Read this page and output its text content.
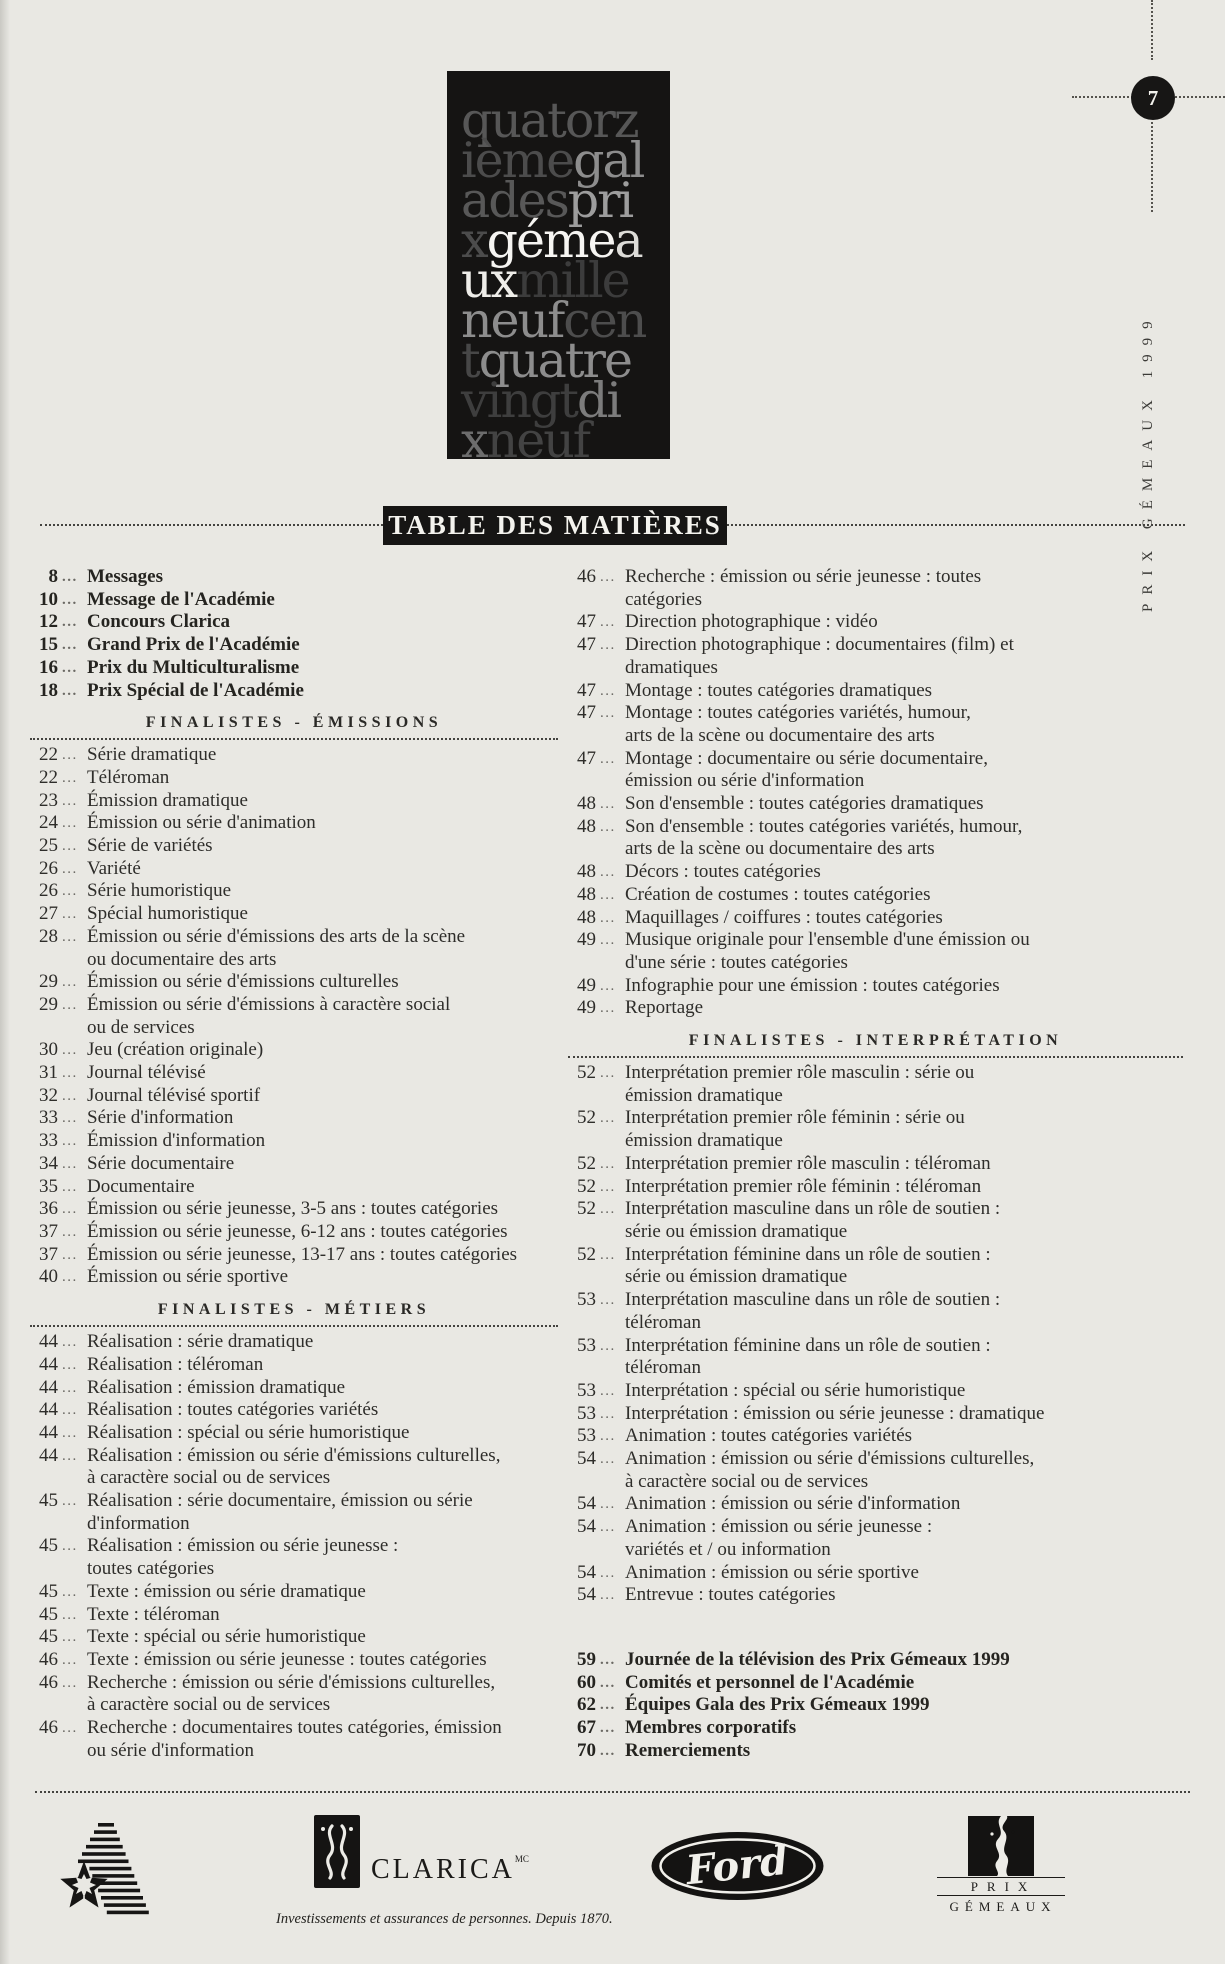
quatorz
ièmegal
adespri
xgémea
uxmille
neufcen
tquatre
vingtdi
xneuf
7
PRIX GÉMEAUX 1999
TABLE DES MATIÈRES
8 ... Messages
10 ... Message de l'Académie
12 ... Concours Clarica
15 ... Grand Prix de l'Académie
16 ... Prix du Multiculturalisme
18 ... Prix Spécial de l'Académie
FINALISTES - ÉMISSIONS
22 ... Série dramatique
22 ... Téléroman
23 ... Émission dramatique
24 ... Émission ou série d'animation
25 ... Série de variétés
26 ... Variété
26 ... Série humoristique
27 ... Spécial humoristique
28 ... Émission ou série d'émissions des arts de la scène
ou documentaire des arts
29 ... Émission ou série d'émissions culturelles
29 ... Émission ou série d'émissions à caractère social
ou de services
30 ... Jeu (création originale)
31 ... Journal télévisé
32 ... Journal télévisé sportif
33 ... Série d'information
33 ... Émission d'information
34 ... Série documentaire
35 ... Documentaire
36 ... Émission ou série jeunesse, 3-5 ans : toutes catégories
37 ... Émission ou série jeunesse, 6-12 ans : toutes catégories
37 ... Émission ou série jeunesse, 13-17 ans : toutes catégories
40 ... Émission ou série sportive
FINALISTES - MÉTIERS
44 ... Réalisation : série dramatique
44 ... Réalisation : téléroman
44 ... Réalisation : émission dramatique
44 ... Réalisation : toutes catégories variétés
44 ... Réalisation : spécial ou série humoristique
44 ... Réalisation : émission ou série d'émissions culturelles,
à caractère social ou de services
45 ... Réalisation : série documentaire, émission ou série
d'information
45 ... Réalisation : émission ou série jeunesse :
toutes catégories
45 ... Texte : émission ou série dramatique
45 ... Texte : téléroman
45 ... Texte : spécial ou série humoristique
46 ... Texte : émission ou série jeunesse : toutes catégories
46 ... Recherche : émission ou série d'émissions culturelles,
à caractère social ou de services
46 ... Recherche : documentaires toutes catégories, émission
ou série d'information
46 ... Recherche : émission ou série jeunesse : toutes
catégories
47 ... Direction photographique : vidéo
47 ... Direction photographique : documentaires (film) et
dramatiques
47 ... Montage : toutes catégories dramatiques
47 ... Montage : toutes catégories variétés, humour,
arts de la scène ou documentaire des arts
47 ... Montage : documentaire ou série documentaire,
émission ou série d'information
48 ... Son d'ensemble : toutes catégories dramatiques
48 ... Son d'ensemble : toutes catégories variétés, humour,
arts de la scène ou documentaire des arts
48 ... Décors : toutes catégories
48 ... Création de costumes : toutes catégories
48 ... Maquillages / coiffures : toutes catégories
49 ... Musique originale pour l'ensemble d'une émission ou
d'une série : toutes catégories
49 ... Infographie pour une émission : toutes catégories
49 ... Reportage
FINALISTES - INTERPRÉTATION
52 ... Interprétation premier rôle masculin : série ou
émission dramatique
52 ... Interprétation premier rôle féminin : série ou
émission dramatique
52 ... Interprétation premier rôle masculin : téléroman
52 ... Interprétation premier rôle féminin : téléroman
52 ... Interprétation masculine dans un rôle de soutien :
série ou émission dramatique
52 ... Interprétation féminine dans un rôle de soutien :
série ou émission dramatique
53 ... Interprétation masculine dans un rôle de soutien :
téléroman
53 ... Interprétation féminine dans un rôle de soutien :
téléroman
53 ... Interprétation : spécial ou série humoristique
53 ... Interprétation : émission ou série jeunesse : dramatique
53 ... Animation : toutes catégories variétés
54 ... Animation : émission ou série d'émissions culturelles,
à caractère social ou de services
54 ... Animation : émission ou série d'information
54 ... Animation : émission ou série jeunesse :
variétés et / ou information
54 ... Animation : émission ou série sportive
54 ... Entrevue : toutes catégories
59 ... Journée de la télévision des Prix Gémeaux 1999
60 ... Comités et personnel de l'Académie
62 ... Équipes Gala des Prix Gémeaux 1999
67 ... Membres corporatifs
70 ... Remerciements
$CLARICA^{MC}$
Investissements et assurances de personnes. Depuis 1870.
Ford	PRIX
GÉMEAUX
